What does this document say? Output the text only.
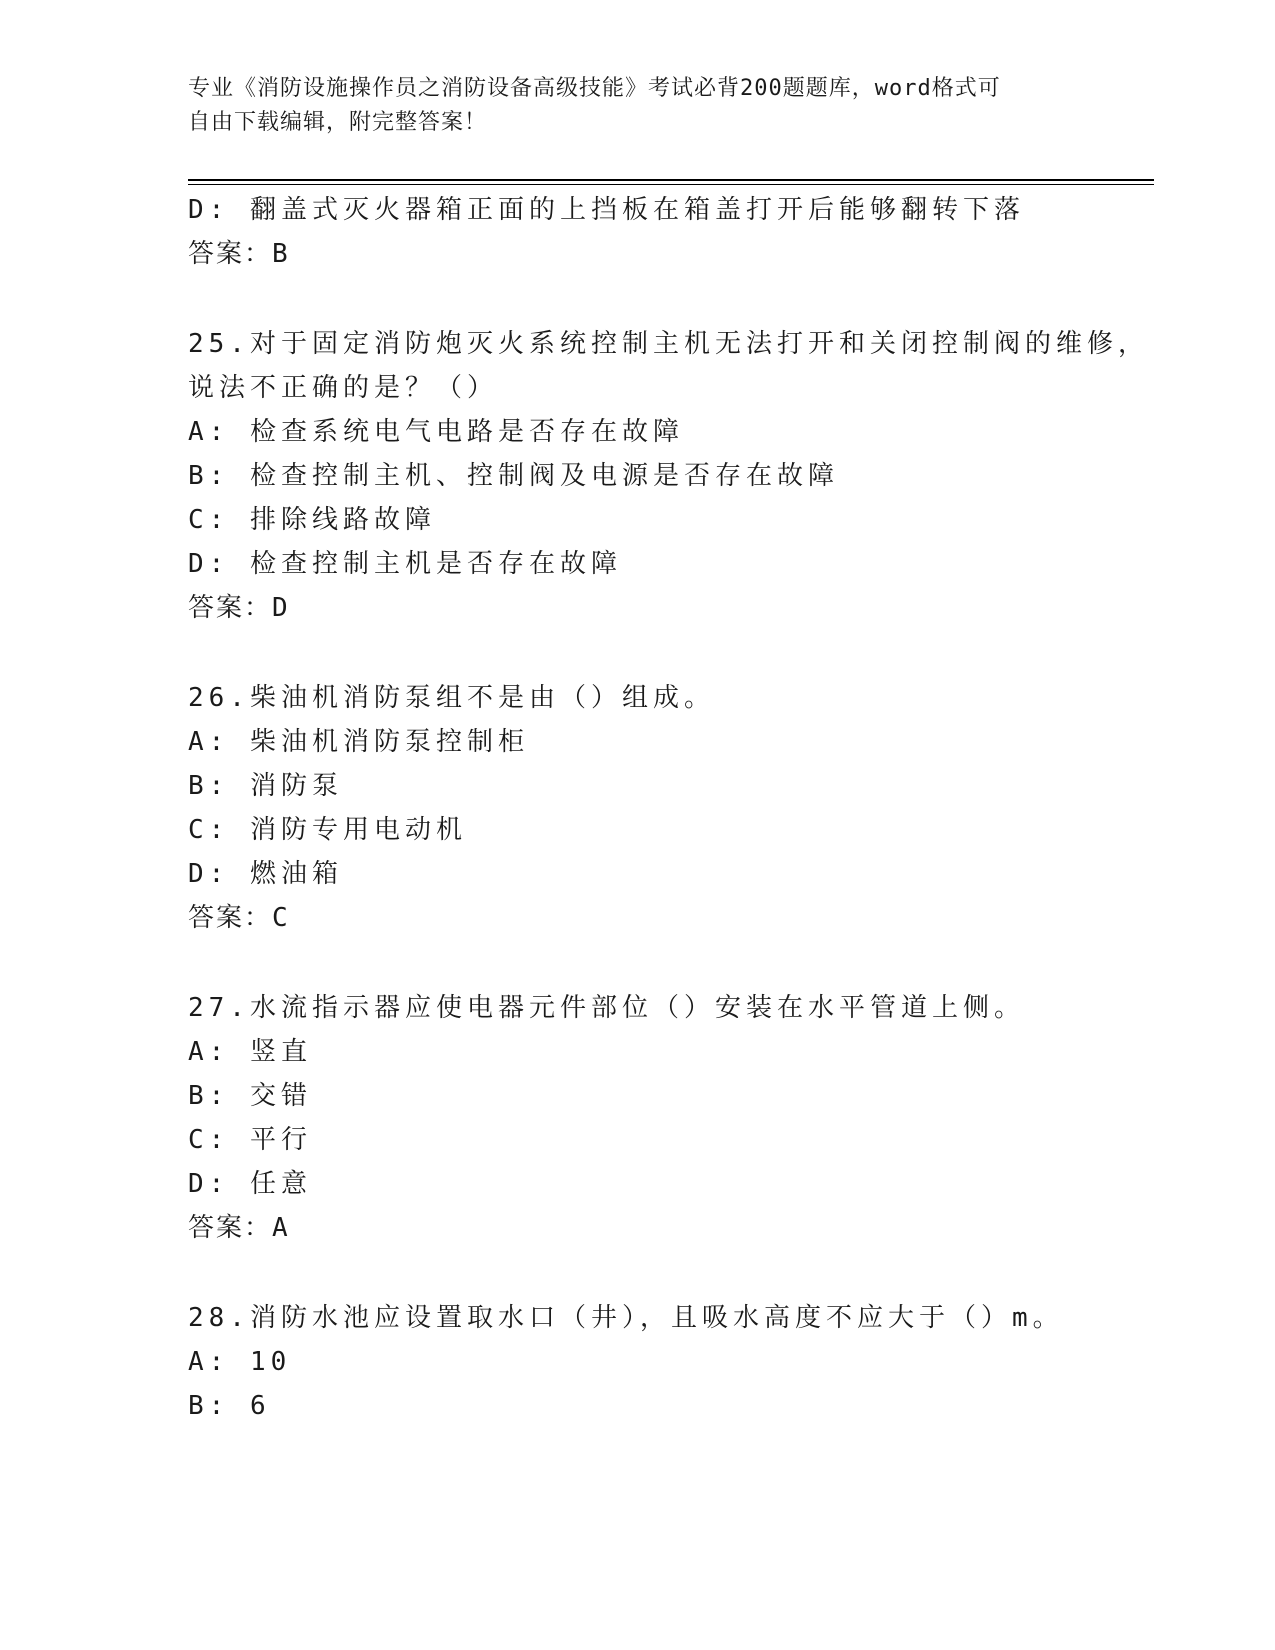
专业《消防设施操作员之消防设备高级技能》考试必背200题题库，word格式可
自由下载编辑，附完整答案！
D: 翻盖式灭火器箱正面的上挡板在箱盖打开后能够翻转下落
答案：B
25.对于固定消防炮灭火系统控制主机无法打开和关闭控制阀的维修，
说法不正确的是？（）
A: 检查系统电气电路是否存在故障
B: 检查控制主机、控制阀及电源是否存在故障
C: 排除线路故障
D: 检查控制主机是否存在故障
答案：D
26.柴油机消防泵组不是由（）组成。
A: 柴油机消防泵控制柜
B: 消防泵
C: 消防专用电动机
D: 燃油箱
答案：C
27.水流指示器应使电器元件部位（）安装在水平管道上侧。
A: 竖直
B: 交错
C: 平行
D: 任意
答案：A
28.消防水池应设置取水口（井），且吸水高度不应大于（）m。
A: 10
B: 6
